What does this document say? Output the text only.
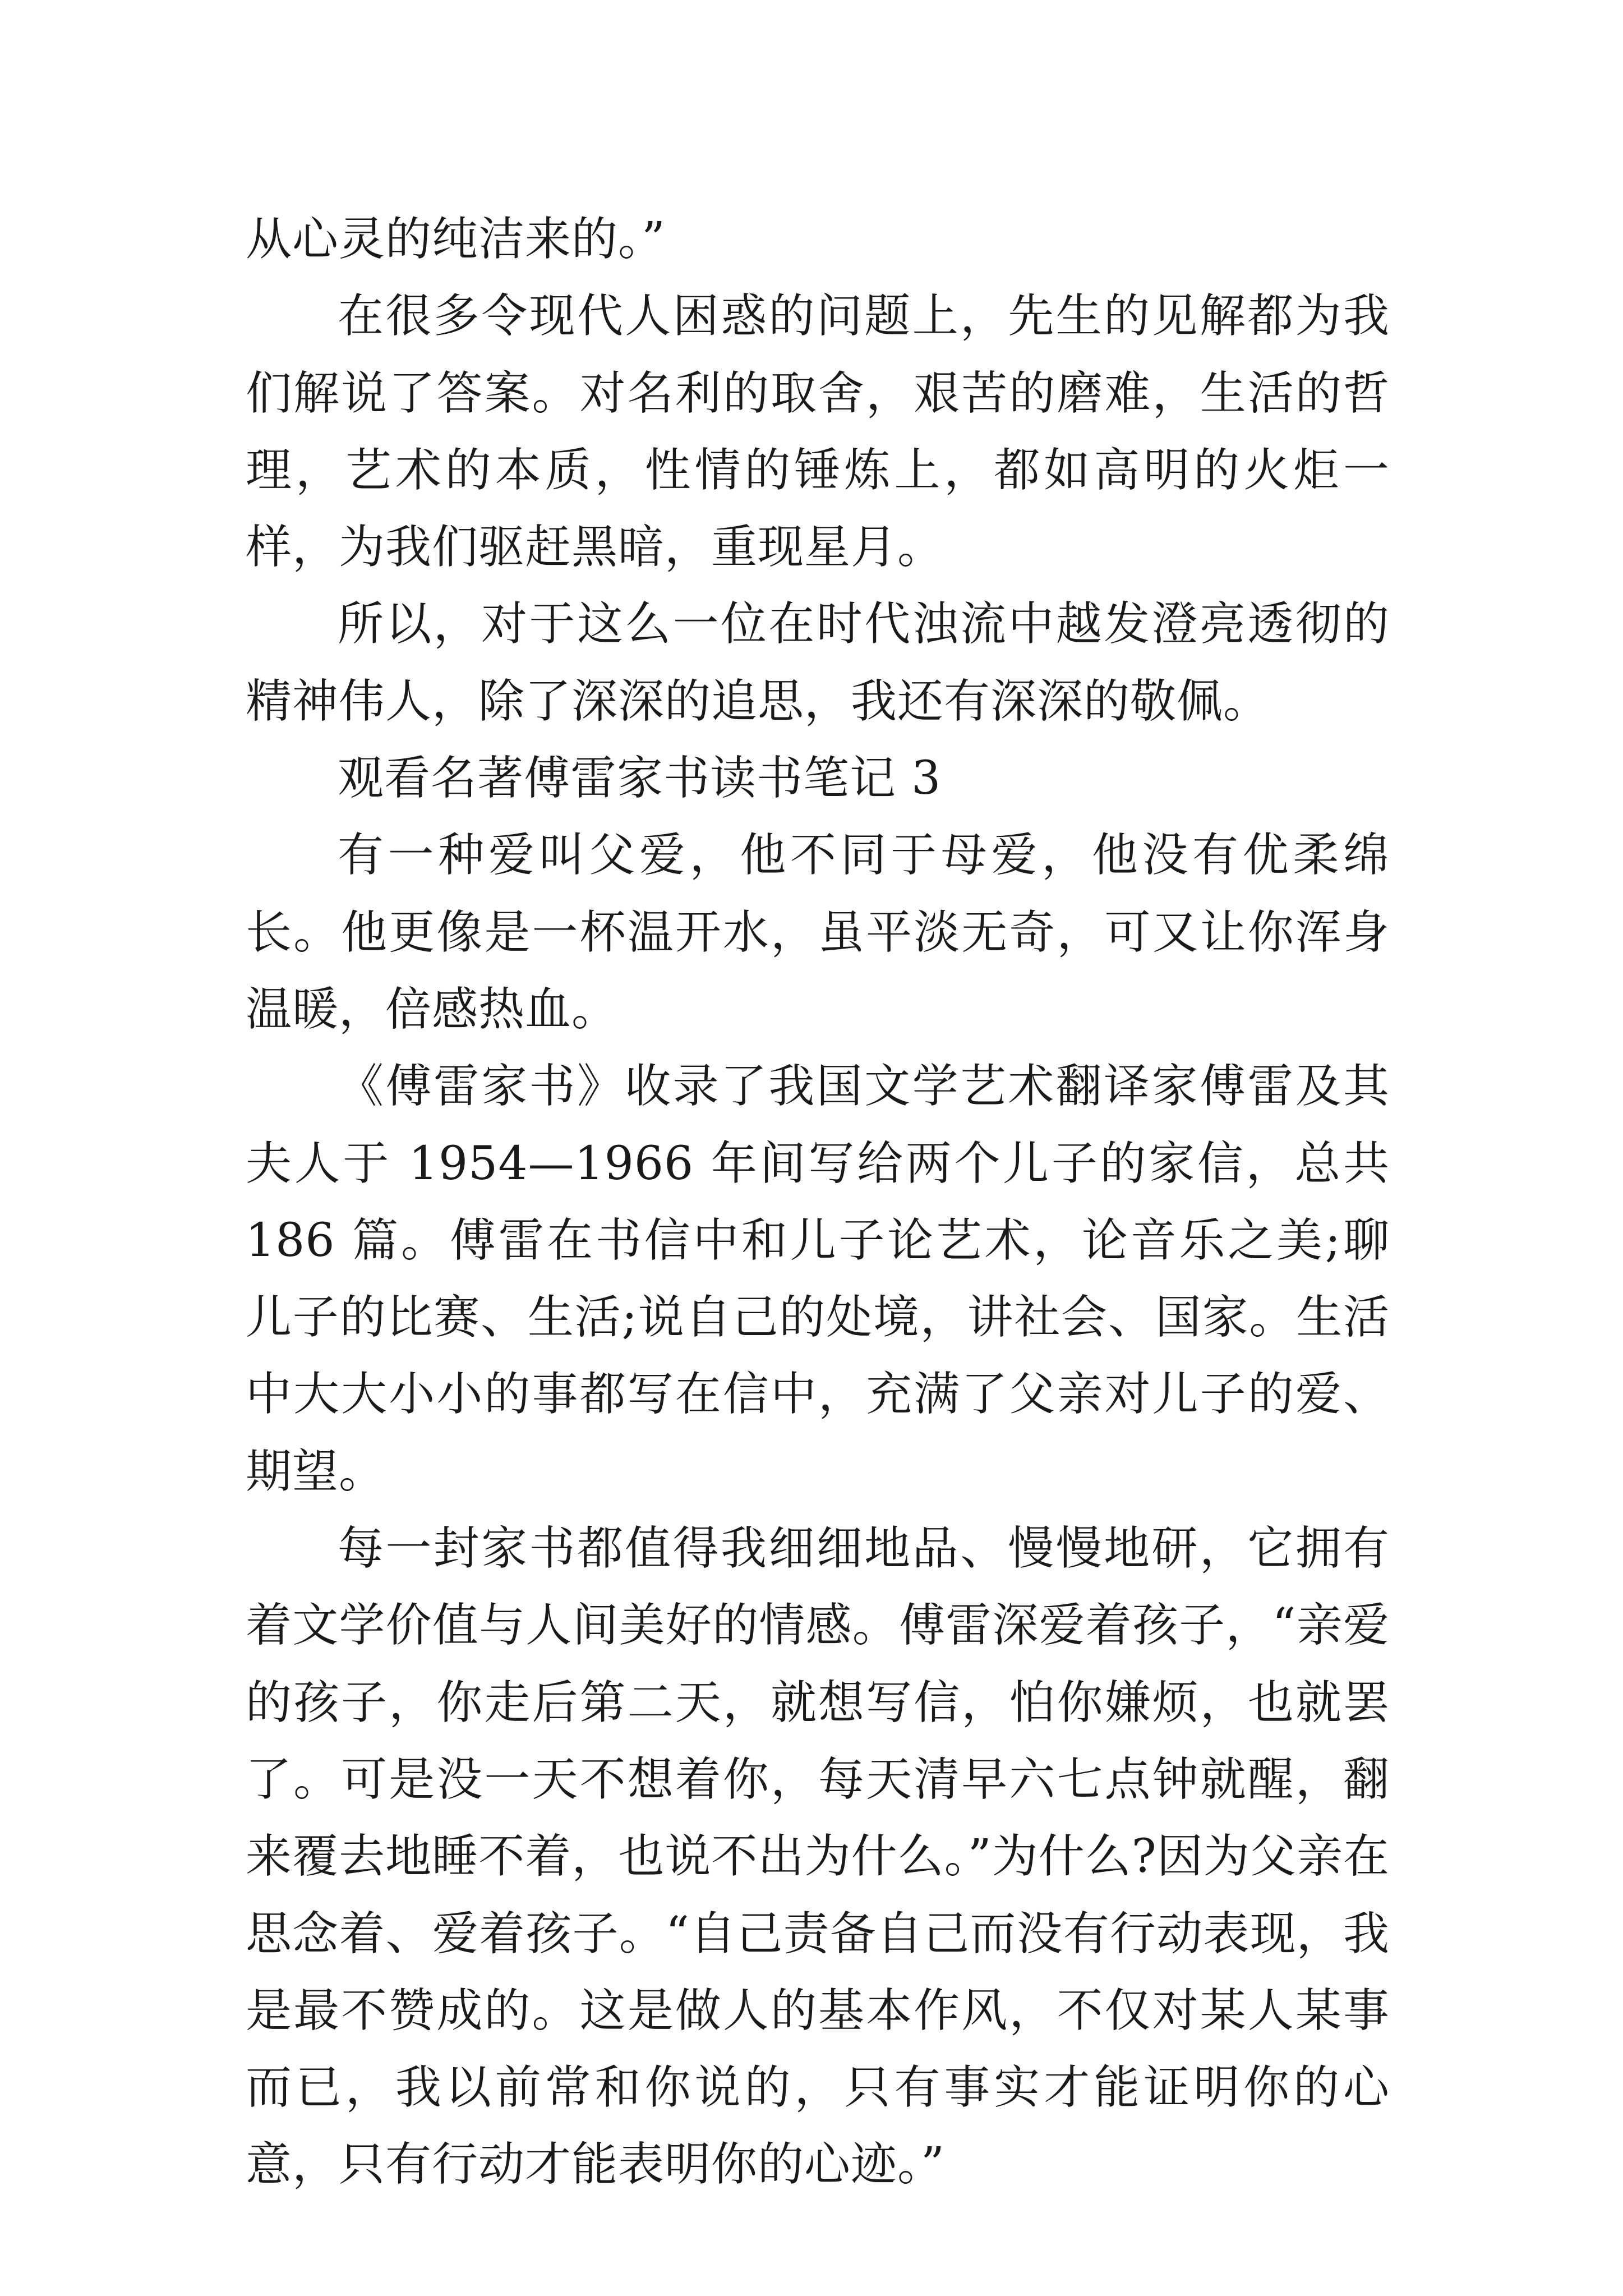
从心灵的纯洁来的。”

在很多令现代人困惑的问题上，先生的见解都为我们解说了答案。对名利的取舍，艰苦的磨难，生活的哲理，艺术的本质，性情的锤炼上，都如高明的火炬一样，为我们驱赶黑暗，重现星月。

所以，对于这么一位在时代浊流中越发澄亮透彻的精神伟人，除了深深的追思，我还有深深的敬佩。

观看名著傅雷家书读书笔记 3

有一种爱叫父爱，他不同于母爱，他没有优柔绵长。他更像是一杯温开水，虽平淡无奇，可又让你浑身温暖，倍感热血。

《傅雷家书》收录了我国文学艺术翻译家傅雷及其夫人于 1954—1966 年间写给两个儿子的家信，总共 186 篇。傅雷在书信中和儿子论艺术，论音乐之美;聊儿子的比赛、生活;说自己的处境，讲社会、国家。生活中大大小小的事都写在信中，充满了父亲对儿子的爱、期望。

每一封家书都值得我细细地品、慢慢地研，它拥有着文学价值与人间美好的情感。傅雷深爱着孩子，“亲爱的孩子，你走后第二天，就想写信，怕你嫌烦，也就罢了。可是没一天不想着你，每天清早六七点钟就醒，翻来覆去地睡不着，也说不出为什么。”为什么?因为父亲在思念着、爱着孩子。“自己责备自己而没有行动表现，我是最不赞成的。这是做人的基本作风，不仅对某人某事而已，我以前常和你说的，只有事实才能证明你的心意，只有行动才能表明你的心迹。”
